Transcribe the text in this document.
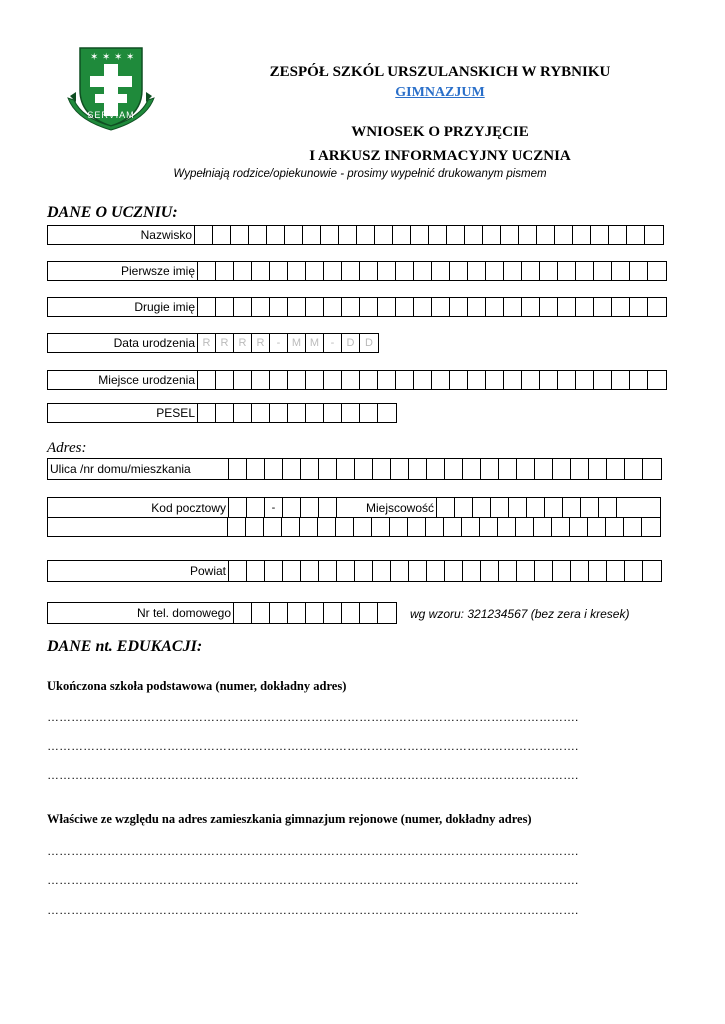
✶ ✶ ✶ ✶
SERVIAM
ZESPÓŁ SZKÓL URSZULANSKICH W RYBNIKU
GIMNAZJUM
WNIOSEK O PRZYJĘCIE
I ARKUSZ INFORMACYJNY UCZNIA
Wypełniają rodzice/opiekunowie - prosimy wypełnić drukowanym pismem
DANE O UCZNIU:
Nazwisko
Pierwsze imię
Drugie imię
Data urodzenia R R R R	-	M M	-	D D
Miejsce urodzenia
PESEL
Adres:
Ulica /nr domu/mieszkania
Kod pocztowy	-	Miejscowość
Powiat
Nr tel. domowego	wg wzoru: 321234567 (bez zera i kresek)
DANE nt. EDUKACJI:
Ukończona szkoła podstawowa (numer, dokładny adres)
…………………………………………………………………………………………………………………….
…………………………………………………………………………………………………………………….
…………………………………………………………………………………………………………………….
Właściwe ze względu na adres zamieszkania gimnazjum rejonowe (numer, dokładny adres)
…………………………………………………………………………………………………………………….
…………………………………………………………………………………………………………………….
…………………………………………………………………………………………………………………….
